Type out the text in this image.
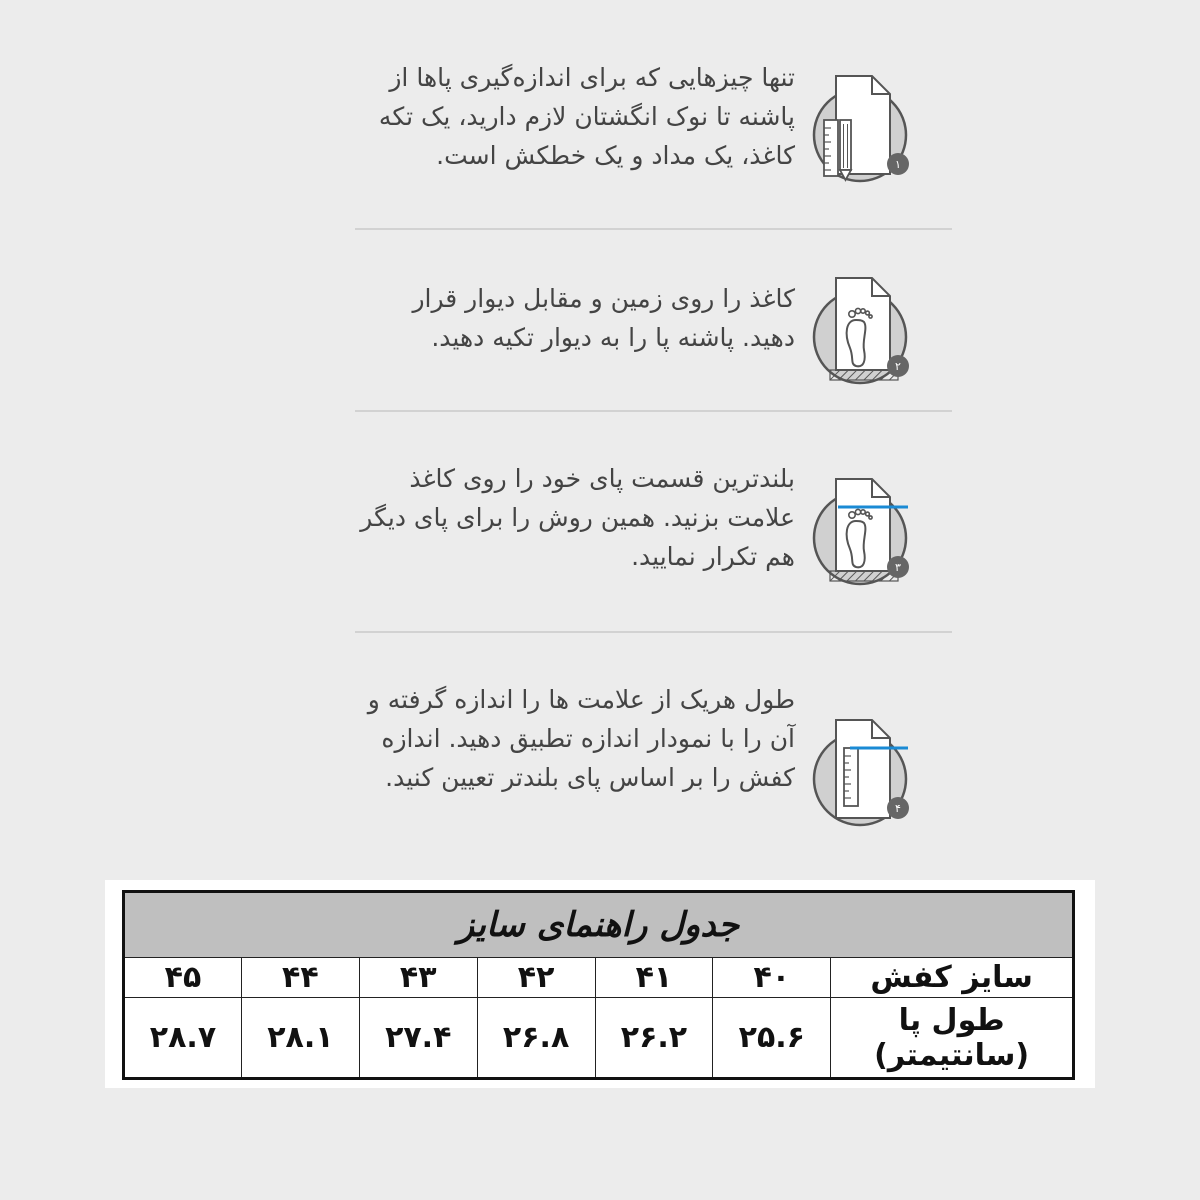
تنها چیزهایی که برای اندازه‌گیری پاها از پاشنه تا نوک انگشتان لازم دارید، یک تکه کاغذ، یک مداد و یک خطکش است.	۱

کاغذ را روی زمین و مقابل دیوار قرار دهید. پاشنه پا را به دیوار تکیه دهید.

۲

بلندترین قسمت پای خود را روی کاغذ علامت بزنید. همین روش را برای پای دیگر هم تکرار نمایید.	۳

طول هریک از علامت ها را اندازه گرفته و آن را با نمودار اندازه تطبیق دهید. اندازه کفش را بر اساس پای بلندتر تعیین کنید.

۴
جدول راهنمای سایز						
سایز کفش	۴۰	۴۱	۴۲	۴۳	۴۴	۴۵
طول پا (سانتیمتر)	۲۵.۶	۲۶.۲	۲۶.۸	۲۷.۴	۲۸.۱	۲۸.۷
